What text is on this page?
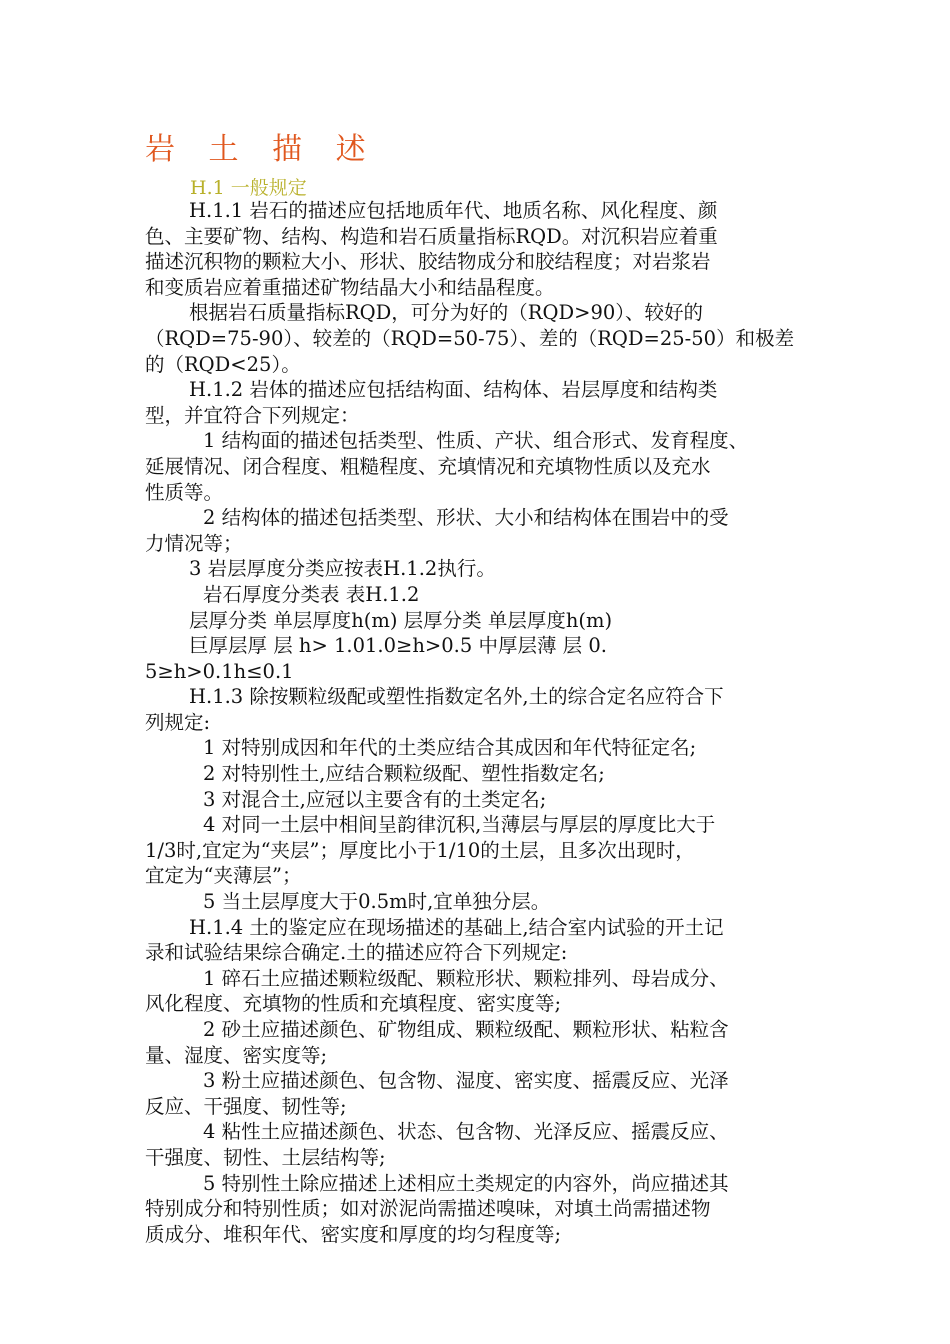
岩 土 描 述
H.1 一般规定

H.1.1 岩石的描述应包括地质年代、地质名称、风化程度、颜

色、主要矿物、结构、构造和岩石质量指标RQD。对沉积岩应着重

描述沉积物的颗粒大小、形状、胶结物成分和胶结程度；对岩浆岩

和变质岩应着重描述矿物结晶大小和结晶程度。

根据岩石质量指标RQD，可分为好的（RQD>90）、较好的

（RQD=75-90）、较差的（RQD=50-75）、差的（RQD=25-50）和极差

的（RQD<25）。

H.1.2 岩体的描述应包括结构面、结构体、岩层厚度和结构类

型，并宜符合下列规定：

1 结构面的描述包括类型、性质、产状、组合形式、发育程度、

延展情况、闭合程度、粗糙程度、充填情况和充填物性质以及充水

性质等。

2 结构体的描述包括类型、形状、大小和结构体在围岩中的受

力情况等；

3 岩层厚度分类应按表H.1.2执行。

岩石厚度分类表 表H.1.2

层厚分类 单层厚度h(m) 层厚分类 单层厚度h(m)

巨厚层厚 层 h> 1.01.0≥h>0.5 中厚层薄 层 0.

5≥h>0.1h≤0.1

H.1.3 除按颗粒级配或塑性指数定名外,土的综合定名应符合下

列规定:

1 对特别成因和年代的土类应结合其成因和年代特征定名;

2 对特别性土,应结合颗粒级配、塑性指数定名;

3 对混合土,应冠以主要含有的土类定名;

4 对同一土层中相间呈韵律沉积,当薄层与厚层的厚度比大于

1/3时,宜定为“夹层”；厚度比小于1/10的土层，且多次出现时，

宜定为“夹薄层”；

5 当土层厚度大于0.5m时,宜单独分层。

H.1.4 土的鉴定应在现场描述的基础上,结合室内试验的开土记

录和试验结果综合确定.土的描述应符合下列规定:

1 碎石土应描述颗粒级配、颗粒形状、颗粒排列、母岩成分、

风化程度、充填物的性质和充填程度、密实度等;

2 砂土应描述颜色、矿物组成、颗粒级配、颗粒形状、粘粒含

量、湿度、密实度等;

3 粉土应描述颜色、包含物、湿度、密实度、摇震反应、光泽

反应、干强度、韧性等;

4 粘性土应描述颜色、状态、包含物、光泽反应、摇震反应、

干强度、韧性、土层结构等;

5 特别性土除应描述上述相应土类规定的内容外，尚应描述其

特别成分和特别性质；如对淤泥尚需描述嗅味，对填土尚需描述物

质成分、堆积年代、密实度和厚度的均匀程度等;
